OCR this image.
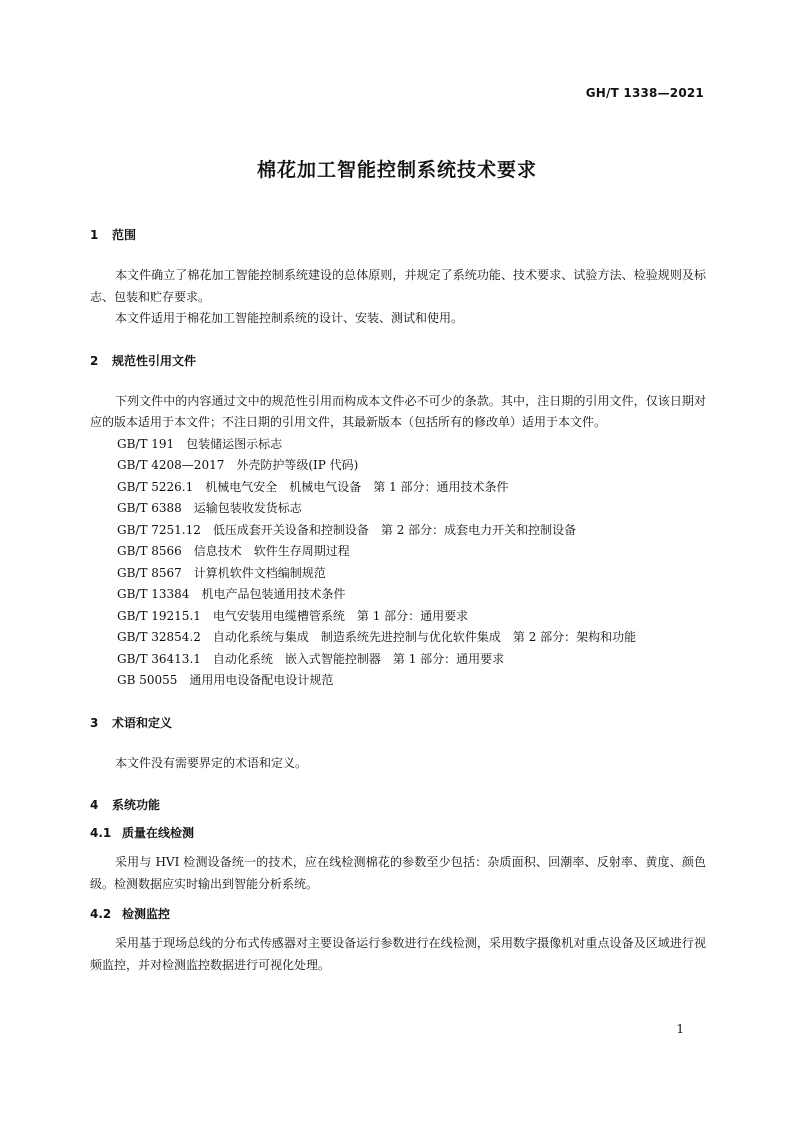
GH/T 1338—2021
棉花加工智能控制系统技术要求
1 范围

本文件确立了棉花加工智能控制系统建设的总体原则，并规定了系统功能、技术要求、试验方法、检验规则及标志、包装和贮存要求。

本文件适用于棉花加工智能控制系统的设计、安装、测试和使用。

2 规范性引用文件

下列文件中的内容通过文中的规范性引用而构成本文件必不可少的条款。其中，注日期的引用文件，仅该日期对应的版本适用于本文件；不注日期的引用文件，其最新版本（包括所有的修改单）适用于本文件。

GB/T 191　包装储运图示标志
GB/T 4208—2017　外壳防护等级(IP 代码)
GB/T 5226.1　机械电气安全　机械电气设备　第 1 部分：通用技术条件
GB/T 6388　运输包装收发货标志
GB/T 7251.12　低压成套开关设备和控制设备　第 2 部分：成套电力开关和控制设备
GB/T 8566　信息技术　软件生存周期过程
GB/T 8567　计算机软件文档编制规范
GB/T 13384　机电产品包装通用技术条件
GB/T 19215.1　电气安装用电缆槽管系统　第 1 部分：通用要求
GB/T 32854.2　自动化系统与集成　制造系统先进控制与优化软件集成　第 2 部分：架构和功能
GB/T 36413.1　自动化系统　嵌入式智能控制器　第 1 部分：通用要求
GB 50055　通用用电设备配电设计规范
3 术语和定义

本文件没有需要界定的术语和定义。

4 系统功能
4.1 质量在线检测

采用与 HVI 检测设备统一的技术，应在线检测棉花的参数至少包括：杂质面积、回潮率、反射率、黄度、颜色级。检测数据应实时输出到智能分析系统。

4.2 检测监控

采用基于现场总线的分布式传感器对主要设备运行参数进行在线检测，采用数字摄像机对重点设备及区域进行视频监控，并对检测监控数据进行可视化处理。

1
